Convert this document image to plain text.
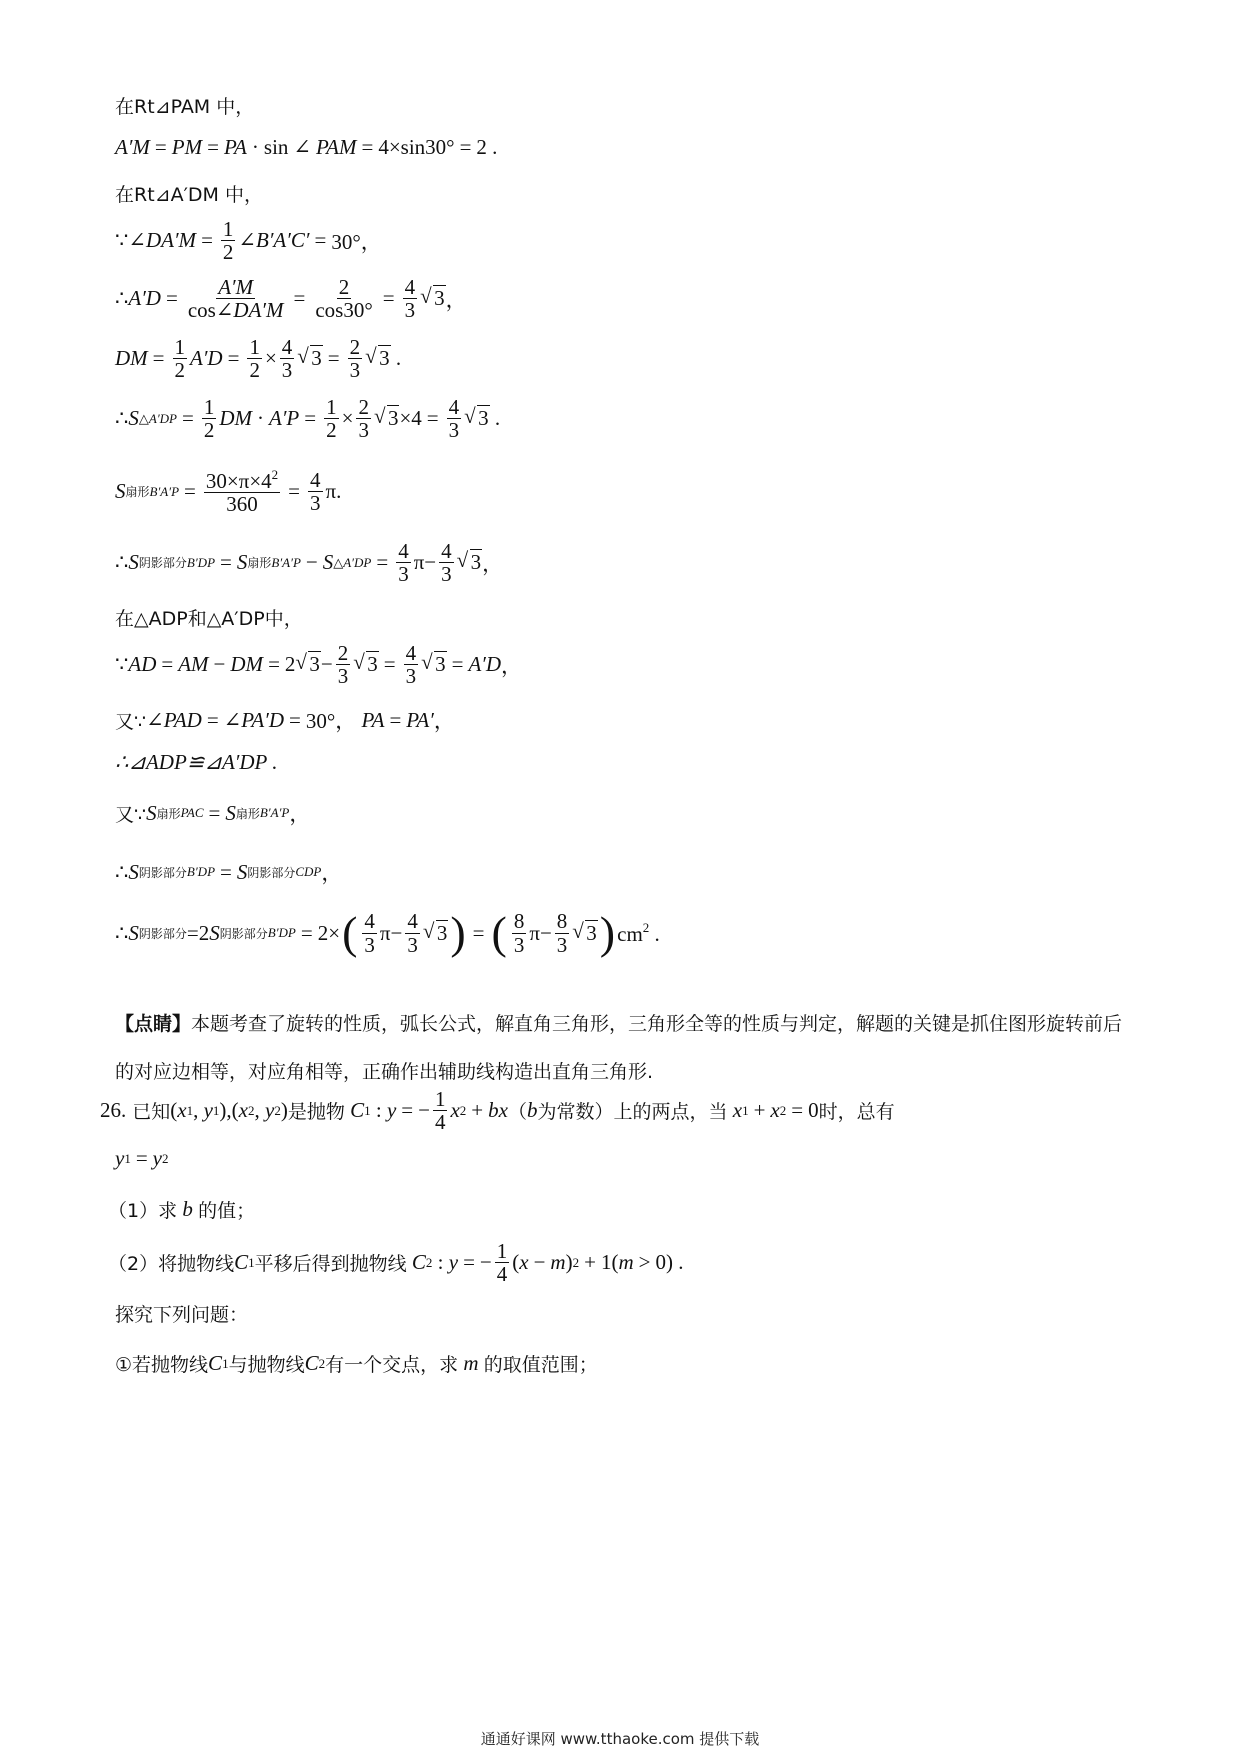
在Rt⊿PAM 中，
A′M = PM = PA · sin ∠ PAM = 4×sin30° = 2 .
在Rt⊿A′DM 中，
∵∠ $DA'M = \frac{1}{2}$ ∠ B′A′C′ = 30°，
∴ $A'D = \frac{A'M}{\cos\angle DA'M} = \frac{2}{\cos 30^\circ} = \frac{4}{3}$ √ 3 ，
DM = $\frac{1}{2} A'D = \frac{1}{2} \times \frac{4}{3}$ √ $3 = \frac{2}{3}$ √ 3 .
∴ S △A′DP = $\frac{1}{2}$ DM · $A'P = \frac{1}{2} \times \frac{2}{3}$ √ $3 \times 4 = \frac{4}{3}$ √ 3 .
S 扇形 $B'A'P = \frac{30\times\pi\times 4^2}{360} = \frac{4}{3} \pi$.
∴ S 阴影部分 B′DP = S 扇形 B′A′P − S △A′DP = $\frac{4}{3} \pi- \frac{4}{3}$ √ 3 ，
在△ADP和△A′DP中，
∵ AD = AM − DM = 2 √ $3 - \frac{2}{3}$ √ $3 = \frac{4}{3}$ √ 3 = A′D ，
又∵ ∠ PAD = ∠ PA′D = 30°， PA = PA′ ，
∴⊿ADP≌⊿A′DP .
又∵ S 扇形 PAC = S 扇形 B′A′P ，
∴ S 阴影部分 B′DP = S 阴影部分 CDP ，
∴ S 阴影部分 =2 S 阴影部分 B′DP = 2× ( $\frac{4}{3} \pi- \frac{4}{3}$ √ 3 ) = ( $\frac{8}{3} \pi- \frac{8}{3}$ √ 3 ) $cm^2$ .
【点睛】本题考查了旋转的性质，弧长公式，解直角三角形，三角形全等的性质与判定，解题的关键是抓住图形旋转前后的对应边相等，对应角相等，正确作出辅助线构造出直角三角形.
26. 已知 ( x 1 , y 1 ),( x 2 , y 2 ) 是抛物 C 1 : y = − $\frac{1}{4}$ x 2 + bx （ b 为常数）上的两点，当 x 1 + x 2 = 0 时，总有
y 1 = y 2
（1）求 b 的值；
（2）将抛物线 C 1 平移后得到抛物线 C 2 : y = − $\frac{1}{4}$ ( x − m ) 2 + 1( m > 0) .
探究下列问题：
①若抛物线 C 1 与抛物线 C 2 有一个交点，求 m 的取值范围；
通通好课网 www.tthaoke.com 提供下载
